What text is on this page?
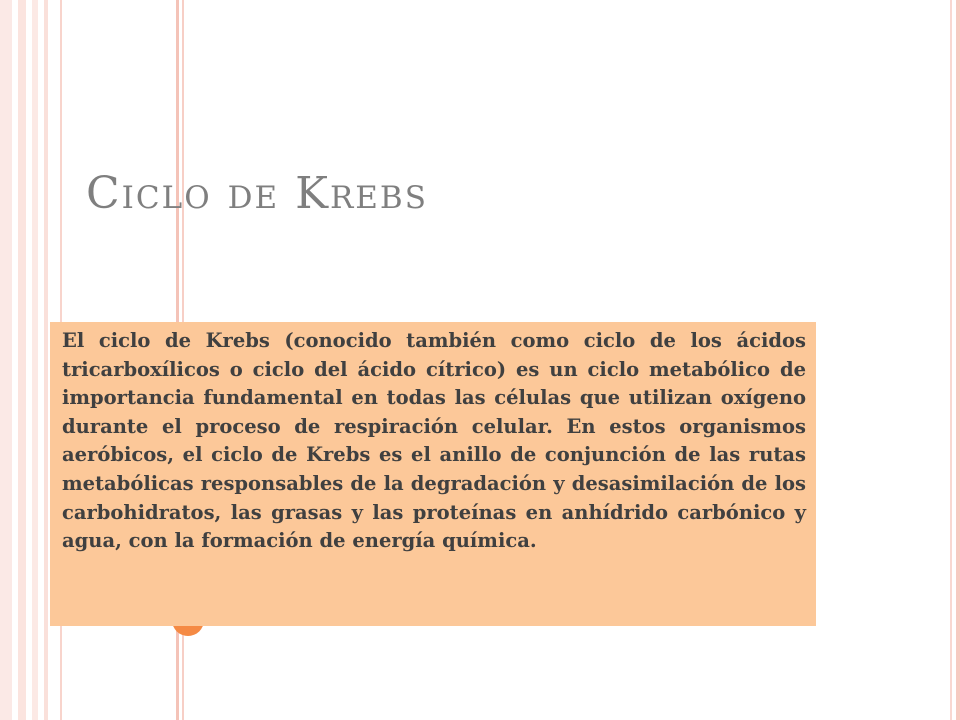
Ciclo de Krebs

El ciclo de Krebs (conocido también como ciclo de los ácidos tricarboxílicos o ciclo del ácido cítrico) es un ciclo metabólico de importancia fundamental en todas las células que utilizan oxígeno durante el proceso de respiración celular. En estos organismos aeróbicos, el ciclo de Krebs es el anillo de conjunción de las rutas metabólicas responsables de la degradación y desasimilación de los carbohidratos, las grasas y las proteínas en anhídrido carbónico y agua, con la formación de energía química.
